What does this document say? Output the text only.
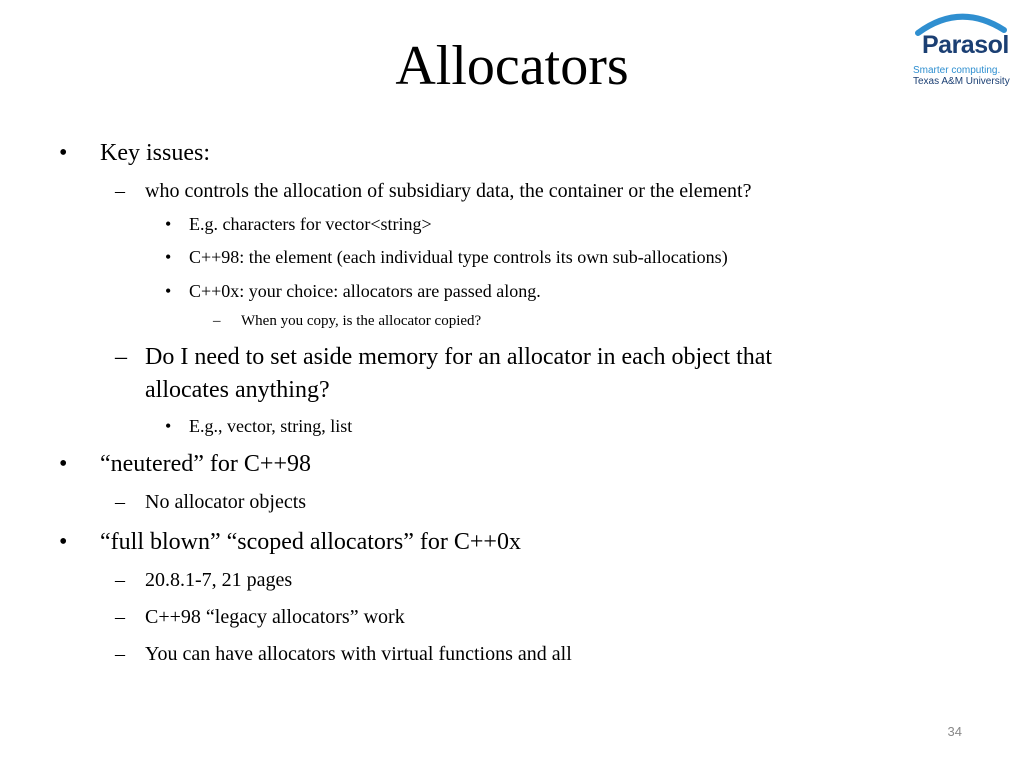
Allocators	Parasol
Smarter computing.
Texas A&M University
• Key issues:
– who controls the allocation of subsidiary data, the container or the element?
• E.g. characters for vector<string>
• C++98: the element (each individual type controls its own sub-allocations)
• C++0x: your choice: allocators are passed along.
– When you copy, is the allocator copied?
– Do I need to set aside memory for an allocator in each object that
allocates anything?
• E.g., vector, string, list
• “neutered” for C++98
– No allocator objects
• “full blown” “scoped allocators” for C++0x
– 20.8.1-7, 21 pages
– C++98 “legacy allocators” work
– You can have allocators with virtual functions and all
34
